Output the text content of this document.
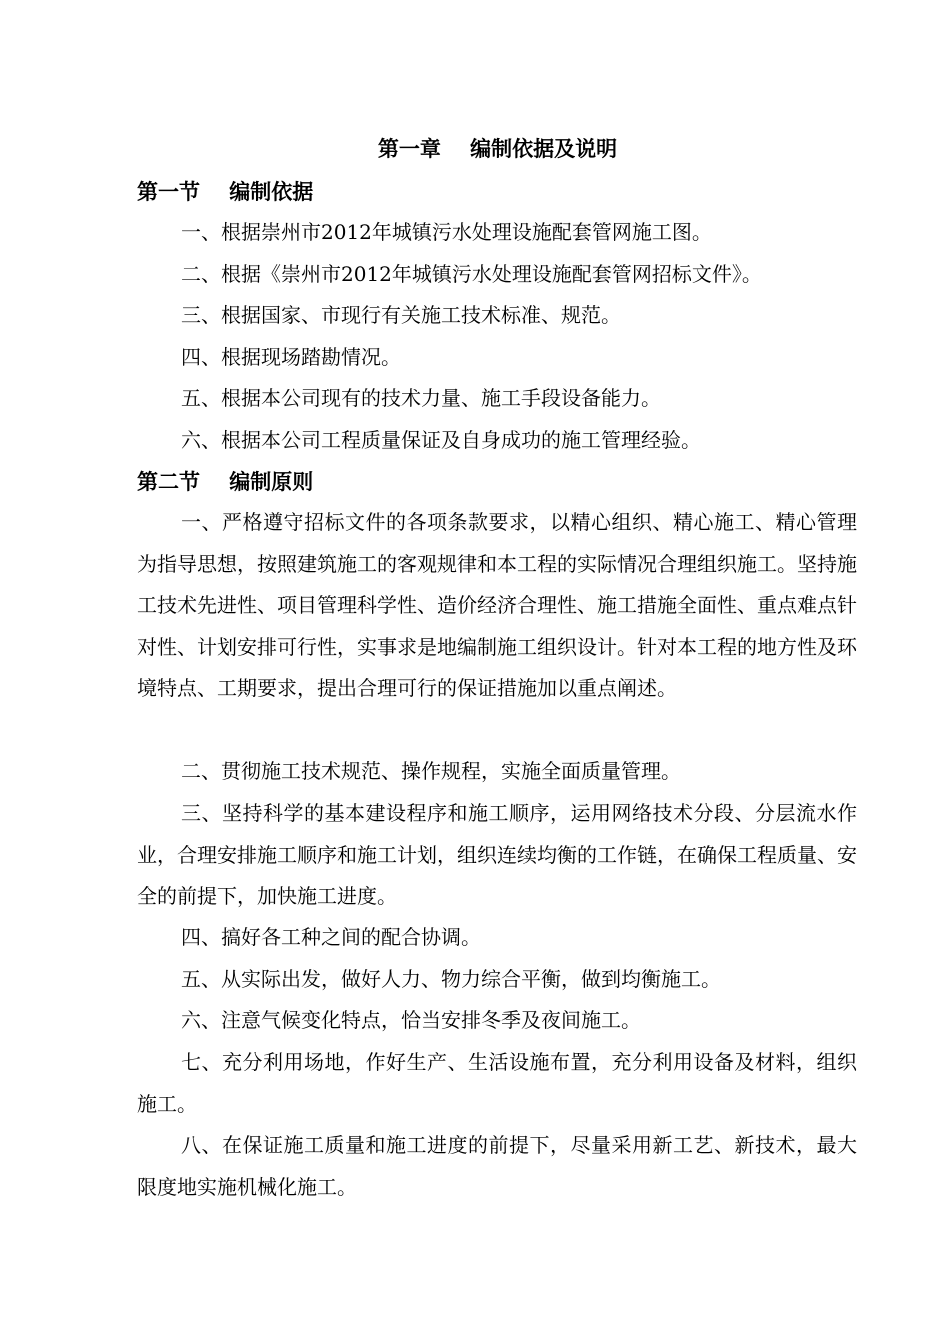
第一章    编制依据及说明
第一节    编制依据

一、根据崇州市2012年城镇污水处理设施配套管网施工图。

二、根据《崇州市2012年城镇污水处理设施配套管网招标文件》。

三、根据国家、市现行有关施工技术标准、规范。

四、根据现场踏勘情况。

五、根据本公司现有的技术力量、施工手段设备能力。

六、根据本公司工程质量保证及自身成功的施工管理经验。

第二节    编制原则

一、严格遵守招标文件的各项条款要求，以精心组织、精心施工、精心管理为指导思想，按照建筑施工的客观规律和本工程的实际情况合理组织施工。坚持施工技术先进性、项目管理科学性、造价经济合理性、施工措施全面性、重点难点针对性、计划安排可行性，实事求是地编制施工组织设计。针对本工程的地方性及环境特点、工期要求，提出合理可行的保证措施加以重点阐述。

二、贯彻施工技术规范、操作规程，实施全面质量管理。

三、坚持科学的基本建设程序和施工顺序，运用网络技术分段、分层流水作业，合理安排施工顺序和施工计划，组织连续均衡的工作链，在确保工程质量、安全的前提下，加快施工进度。

四、搞好各工种之间的配合协调。

五、从实际出发，做好人力、物力综合平衡，做到均衡施工。

六、注意气候变化特点，恰当安排冬季及夜间施工。

七、充分利用场地，作好生产、生活设施布置，充分利用设备及材料，组织施工。

八、在保证施工质量和施工进度的前提下，尽量采用新工艺、新技术，最大限度地实施机械化施工。
